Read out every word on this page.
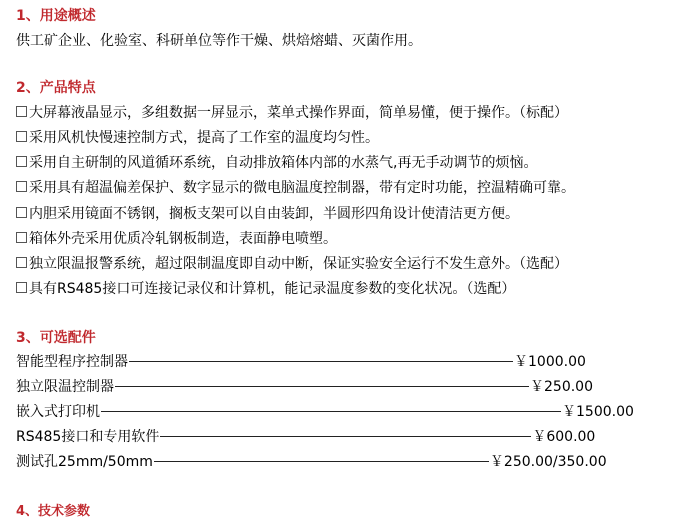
1、用途概述
供工矿企业、化验室、科研单位等作干燥、烘焙熔蜡、灭菌作用。
2、产品特点
大屏幕液晶显示，多组数据一屏显示，菜单式操作界面，简单易懂，便于操作。（标配）
采用风机快慢速控制方式，提高了工作室的温度均匀性。
采用自主研制的风道循环系统，自动排放箱体内部的水蒸气,再无手动调节的烦恼。
采用具有超温偏差保护、数字显示的微电脑温度控制器，带有定时功能，控温精确可靠。
内胆采用镜面不锈钢，搁板支架可以自由装卸，半圆形四角设计使清洁更方便。
箱体外壳采用优质冷轧钢板制造，表面静电喷塑。
独立限温报警系统，超过限制温度即自动中断，保证实验安全运行不发生意外。（选配）
具有RS485接口可连接记录仪和计算机，能记录温度参数的变化状况。（选配）
3、可选配件
智能型程序控制器	￥1000.00
独立限温控制器	￥250.00
嵌入式打印机	￥1500.00
RS485接口和专用软件	￥600.00
测试孔25mm/50mm	￥250.00/350.00
4、技术参数
